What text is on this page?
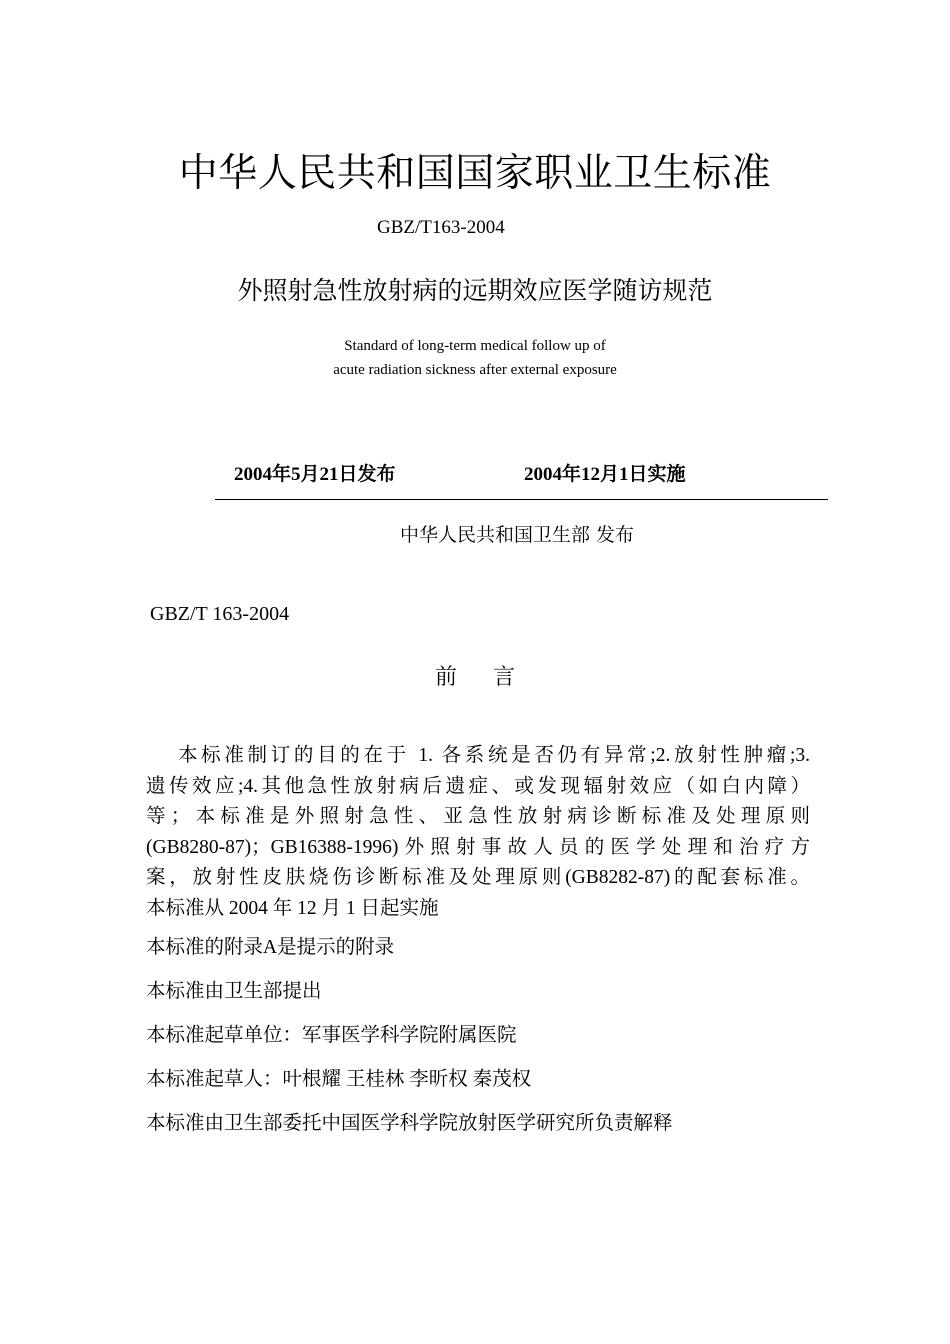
中华人民共和国国家职业卫生标准
GBZ/T163-2004
外照射急性放射病的远期效应医学随访规范
Standard of long-term medical follow up of
acute radiation sickness after external exposure
2004年5月21日发布	2004年12月1日实施
中华人民共和国卫生部 发布
GBZ/T 163-2004
前言
本标准制订的目的在于 1. 各系统是否仍有异常;2.放射性肿瘤;3.
遗传效应;4.其他急性放射病后遗症、或发现辐射效应（如白内障）
等；本标准是外照射急性、亚急性放射病诊断标准及处理原则
(GB8280-87)；GB16388-1996)外照射事故人员的医学处理和治疗方
案，放射性皮肤烧伤诊断标准及处理原则(GB8282-87)的配套标准。
本标准从 2004 年 12 月 1 日起实施
本标准的附录A是提示的附录
本标准由卫生部提出
本标准起草单位：军事医学科学院附属医院
本标准起草人：叶根耀 王桂林 李昕权 秦茂权
本标准由卫生部委托中国医学科学院放射医学研究所负责解释
